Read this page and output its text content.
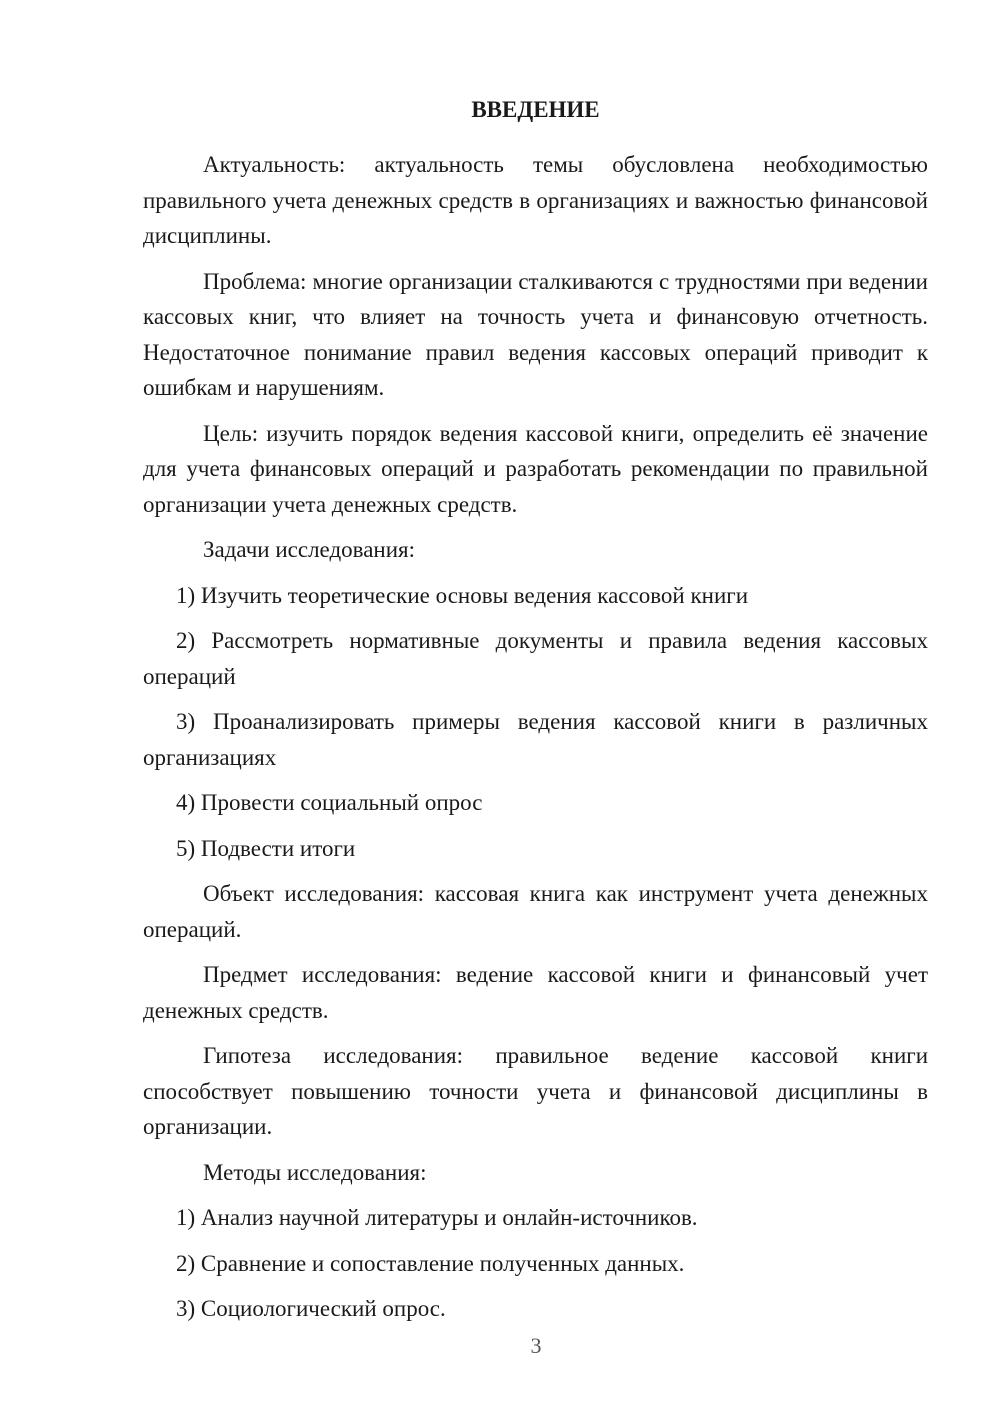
ВВЕДЕНИЕ

Актуальность: актуальность темы обусловлена необходимостью правильного учета денежных средств в организациях и важностью финансовой дисциплины.

Проблема: многие организации сталкиваются с трудностями при ведении кассовых книг, что влияет на точность учета и финансовую отчетность. Недостаточное понимание правил ведения кассовых операций приводит к ошибкам и нарушениям.

Цель: изучить порядок ведения кассовой книги, определить её значение для учета финансовых операций и разработать рекомендации по правильной организации учета денежных средств.

Задачи исследования:

1) Изучить теоретические основы ведения кассовой книги

2) Рассмотреть нормативные документы и правила ведения кассовых операций

3) Проанализировать примеры ведения кассовой книги в различных организациях

4) Провести социальный опрос

5) Подвести итоги

Объект исследования: кассовая книга как инструмент учета денежных операций.

Предмет исследования: ведение кассовой книги и финансовый учет денежных средств.

Гипотеза исследования: правильное ведение кассовой книги способствует повышению точности учета и финансовой дисциплины в организации.

Методы исследования:

1) Анализ научной литературы и онлайн-источников.

2) Сравнение и сопоставление полученных данных.

3) Социологический опрос.

3
